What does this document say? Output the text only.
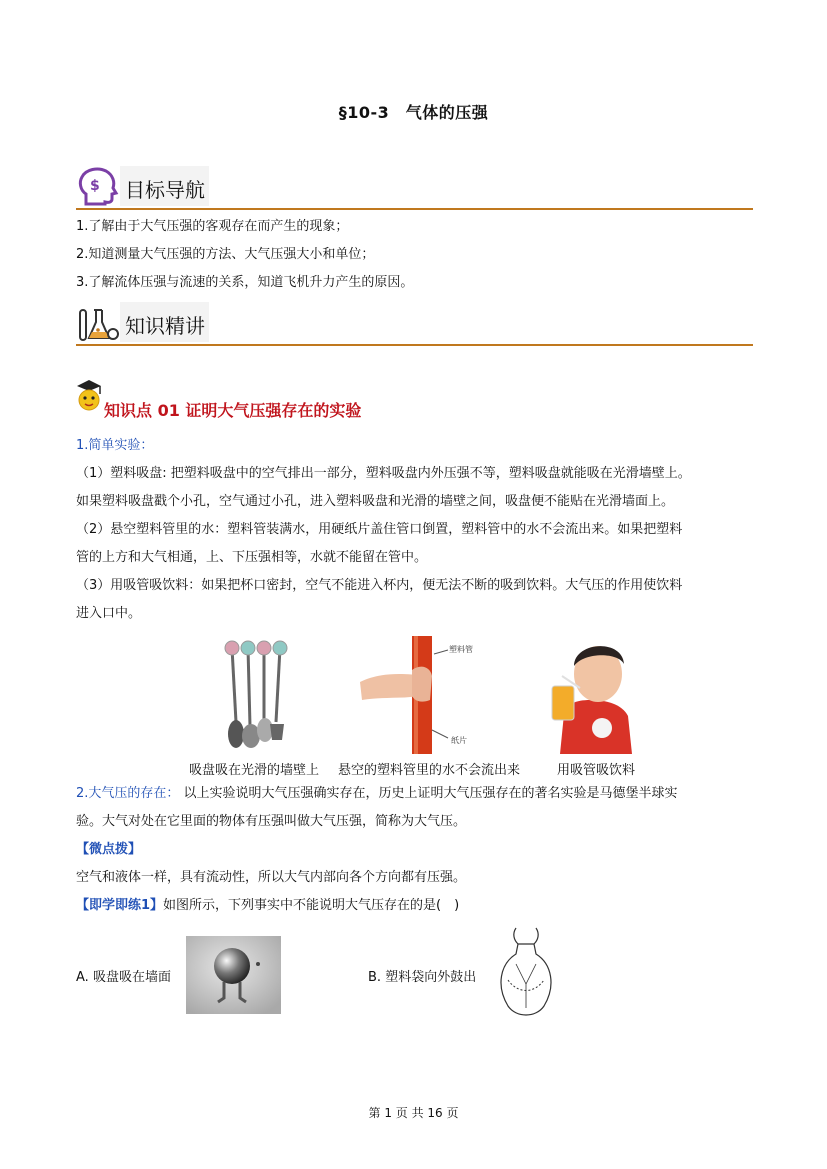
§10-3　气体的压强
$ 目标导航
1.了解由于大气压强的客观存在而产生的现象；
2.知道测量大气压强的方法、大气压强大小和单位；
3.了解流体压强与流速的关系，知道飞机升力产生的原因。
知识精讲
知识点 01 证明大气压强存在的实验
1.简单实验：
（1）塑料吸盘: 把塑料吸盘中的空气排出一部分，塑料吸盘内外压强不等，塑料吸盘就能吸在光滑墙壁上。
如果塑料吸盘戳个小孔，空气通过小孔，进入塑料吸盘和光滑的墙壁之间，吸盘便不能贴在光滑墙面上。
（2）悬空塑料管里的水：塑料管装满水，用硬纸片盖住管口倒置，塑料管中的水不会流出来。如果把塑料
管的上方和大气相通，上、下压强相等，水就不能留在管中。
（3）用吸管吸饮料：如果把杯口密封，空气不能进入杯内，便无法不断的吸到饮料。大气压的作用使饮料
进入口中。
吸盘吸在光滑的墙壁上
塑料管
纸片
悬空的塑料管里的水不会流出来	用吸管吸饮料
2.大气压的存在： 以上实验说明大气压强确实存在，历史上证明大气压强存在的著名实验是马德堡半球实
验。大气对处在它里面的物体有压强叫做大气压强，简称为大气压。
【微点拨】
空气和液体一样，具有流动性，所以大气内部向各个方向都有压强。
【即学即练1】如图所示，下列事实中不能说明大气压存在的是(　)
A. 吸盘吸在墙面	B. 塑料袋向外鼓出
第 1 页 共 16 页
